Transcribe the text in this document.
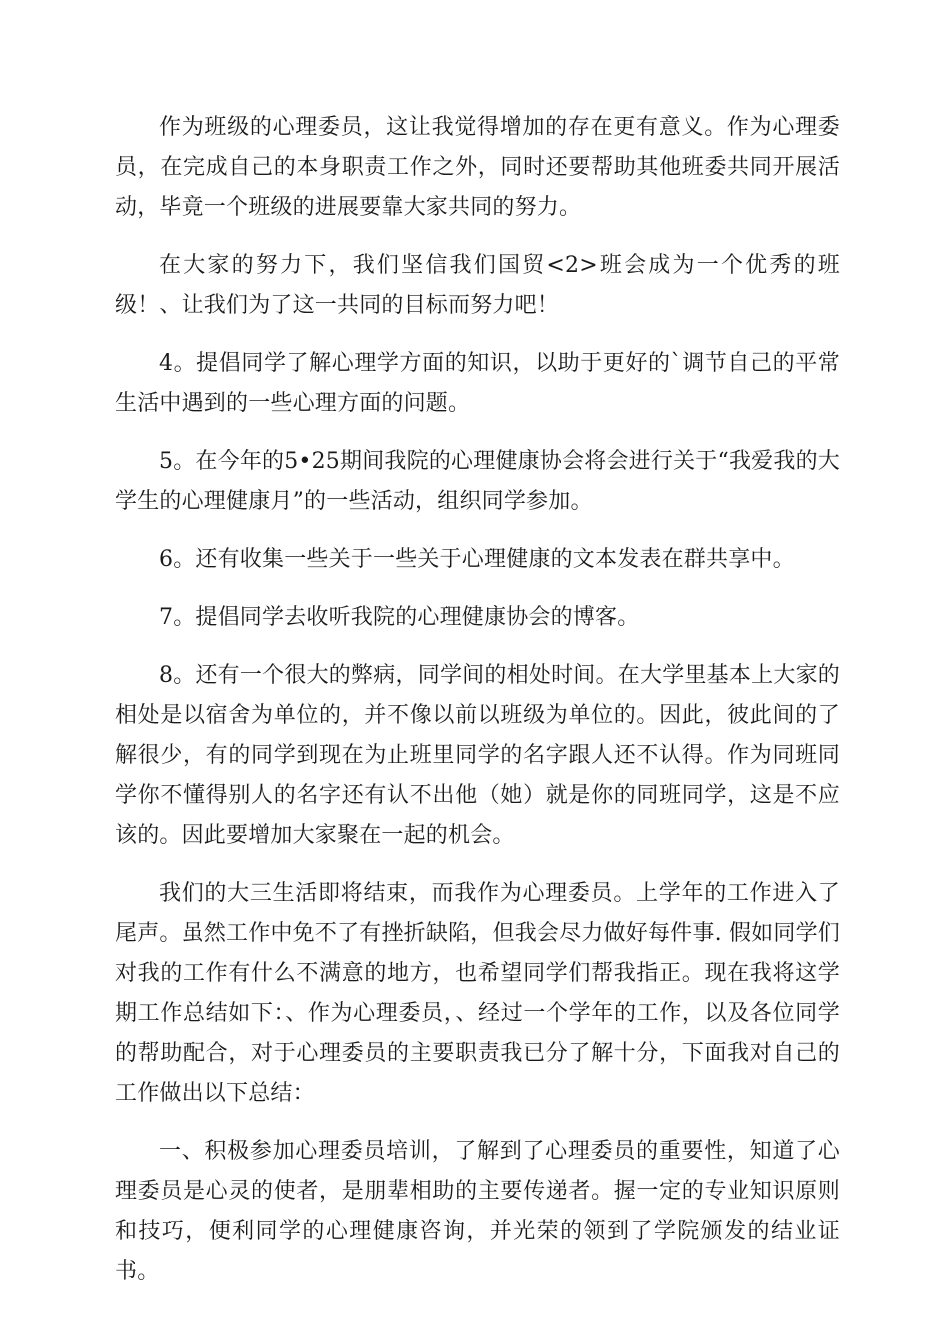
作为班级的心理委员，这让我觉得增加的存在更有意义。作为心理委员，在完成自己的本身职责工作之外，同时还要帮助其他班委共同开展活动，毕竟一个班级的进展要靠大家共同的努力。

在大家的努力下，我们坚信我们国贸<2>班会成为一个优秀的班级！、让我们为了这一共同的目标而努力吧！

4。提倡同学了解心理学方面的知识，以助于更好的`调节自己的平常生活中遇到的一些心理方面的问题。

5。在今年的5•25期间我院的心理健康协会将会进行关于“我爱我的大学生的心理健康月”的一些活动，组织同学参加。

6。还有收集一些关于一些关于心理健康的文本发表在群共享中。

7。提倡同学去收听我院的心理健康协会的博客。

8。还有一个很大的弊病，同学间的相处时间。在大学里基本上大家的相处是以宿舍为单位的，并不像以前以班级为单位的。因此，彼此间的了解很少，有的同学到现在为止班里同学的名字跟人还不认得。作为同班同学你不懂得别人的名字还有认不出他（她）就是你的同班同学，这是不应该的。因此要增加大家聚在一起的机会。

我们的大三生活即将结束，而我作为心理委员。上学年的工作进入了尾声。虽然工作中免不了有挫折缺陷，但我会尽力做好每件事. 假如同学们对我的工作有什么不满意的地方，也希望同学们帮我指正。现在我将这学期工作总结如下：、作为心理委员，、经过一个学年的工作，以及各位同学的帮助配合，对于心理委员的主要职责我已分了解十分，下面我对自己的工作做出以下总结：

一、积极参加心理委员培训，了解到了心理委员的重要性，知道了心理委员是心灵的使者，是朋辈相助的主要传递者。握一定的专业知识原则和技巧，便利同学的心理健康咨询，并光荣的领到了学院颁发的结业证书。
